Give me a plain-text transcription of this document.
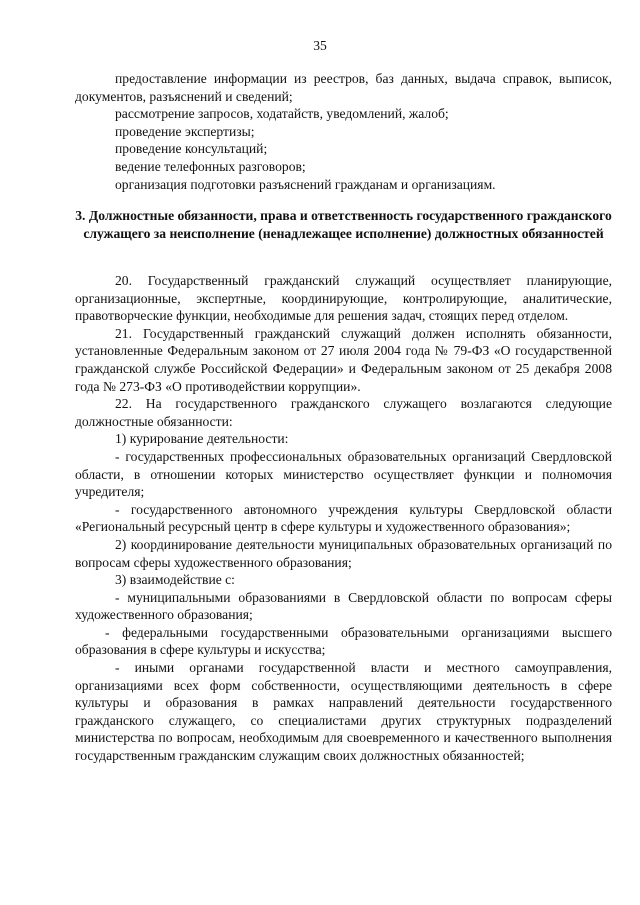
35

предоставление информации из реестров, баз данных, выдача справок, выписок, документов, разъяснений и сведений;

рассмотрение запросов, ходатайств, уведомлений, жалоб;

проведение экспертизы;

проведение консультаций;

ведение телефонных разговоров;

организация подготовки разъяснений гражданам и организациям.

3. Должностные обязанности, права и ответственность государственного гражданского служащего за неисполнение (ненадлежащее исполнение) должностных обязанностей

20. Государственный гражданский служащий осуществляет планирующие, организационные, экспертные, координирующие, контролирующие, аналитические, правотворческие функции, необходимые для решения задач, стоящих перед отделом.

21. Государственный гражданский служащий должен исполнять обязанности, установленные Федеральным законом от 27 июля 2004 года № 79-ФЗ «О государственной гражданской службе Российской Федерации» и Федеральным законом от 25 декабря 2008 года № 273-ФЗ «О противодействии коррупции».

22. На государственного гражданского служащего возлагаются следующие должностные обязанности:

1) курирование деятельности:

- государственных профессиональных образовательных организаций Свердловской области, в отношении которых министерство осуществляет функции и полномочия учредителя;

- государственного автономного учреждения культуры Свердловской области «Региональный ресурсный центр в сфере культуры и художественного образования»;

2) координирование деятельности муниципальных образовательных организаций по вопросам сферы художественного образования;

3) взаимодействие с:

- муниципальными образованиями в Свердловской области по вопросам сферы художественного образования;

- федеральными государственными образовательными организациями высшего образования в сфере культуры и искусства;

- иными органами государственной власти и местного самоуправления, организациями всех форм собственности, осуществляющими деятельность в сфере культуры и образования в рамках направлений деятельности государственного гражданского служащего, со специалистами других структурных подразделений министерства по вопросам, необходимым для своевременного и качественного выполнения государственным гражданским служащим своих должностных обязанностей;
